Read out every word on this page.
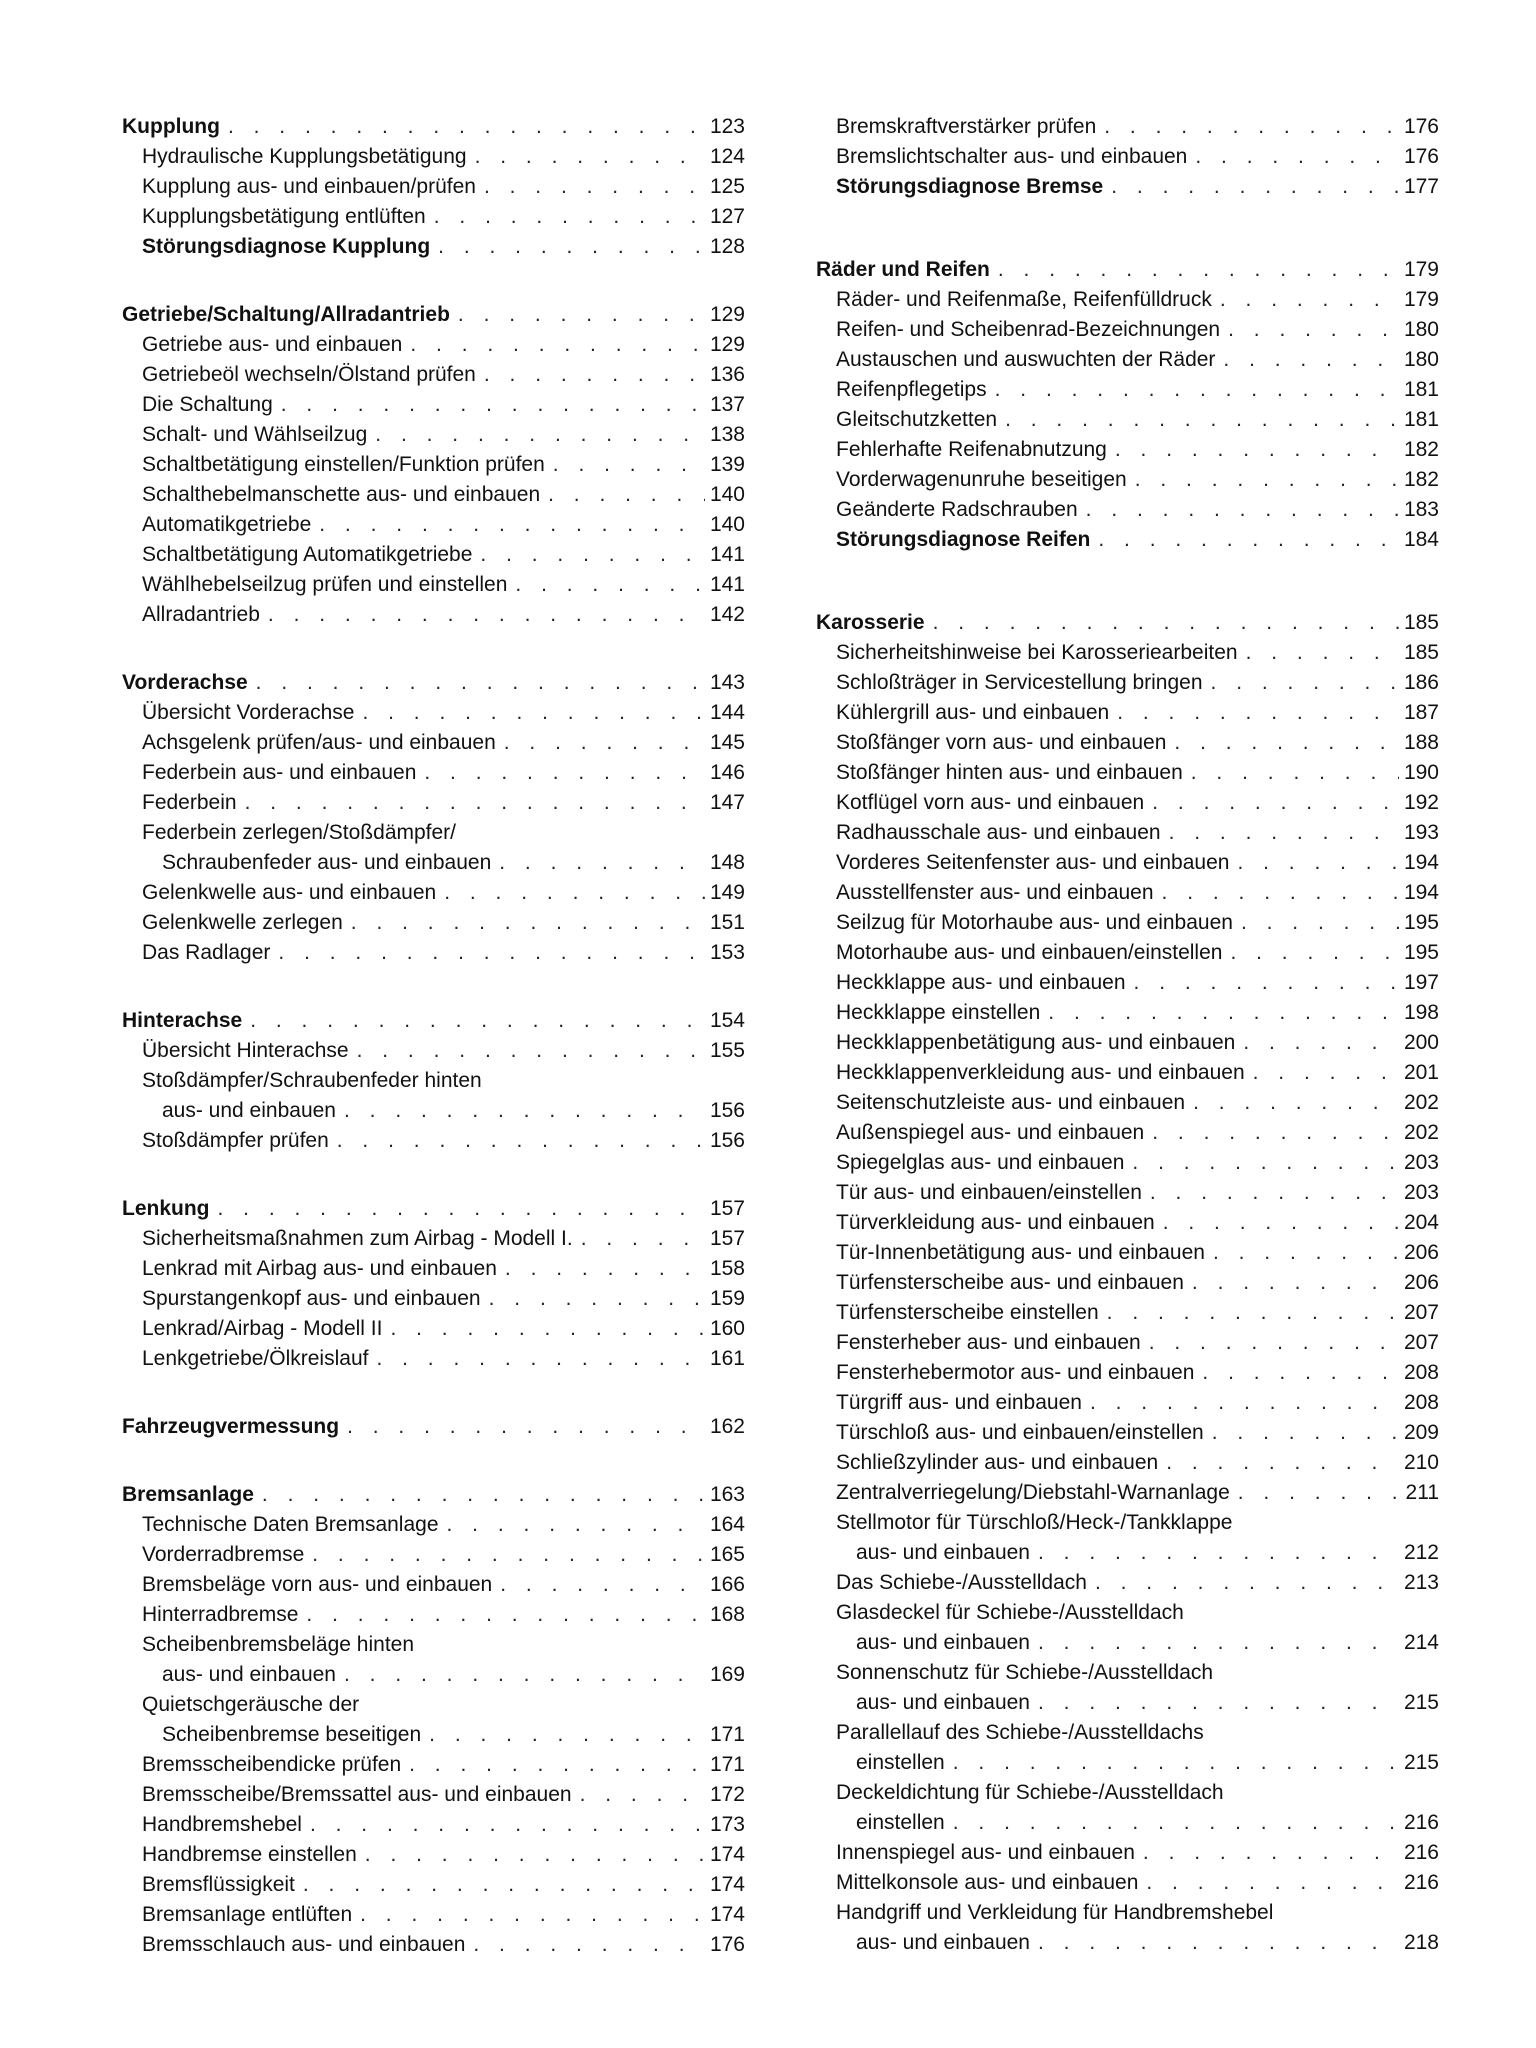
Kupplung . . .	123
Hydraulische Kupplungsbetätigung . . .	124
Kupplung aus- und einbauen/prüfen . . .	125
Kupplungsbetätigung entlüften . . .	127
Störungsdiagnose Kupplung . . .	128
Getriebe/Schaltung/Allradantrieb . . .	129
Getriebe aus- und einbauen . . .	129
Getriebeöl wechseln/Ölstand prüfen . . .	136
Die Schaltung . . .	137
Schalt- und Wählseilzug . . .	138
Schaltbetätigung einstellen/Funktion prüfen . . .	139
Schalthebelmanschette aus- und einbauen . . .	140
Automatikgetriebe . . .	140
Schaltbetätigung Automatikgetriebe . . .	141
Wählhebelseilzug prüfen und einstellen . . .	141
Allradantrieb . . .	142
Vorderachse . . .	143
Übersicht Vorderachse . . .	144
Achsgelenk prüfen/aus- und einbauen . . .	145
Federbein aus- und einbauen . . .	146
Federbein . . .	147
Federbein zerlegen/Stoßdämpfer/
Schraubenfeder aus- und einbauen . . .	148
Gelenkwelle aus- und einbauen . . .	149
Gelenkwelle zerlegen . . .	151
Das Radlager . . .	153
Hinterachse . . .	154
Übersicht Hinterachse . . .	155
Stoßdämpfer/Schraubenfeder hinten
aus- und einbauen . . .	156
Stoßdämpfer prüfen . . .	156
Lenkung . . .	157
Sicherheitsmaßnahmen zum Airbag - Modell I. . . .	157
Lenkrad mit Airbag aus- und einbauen . . .	158
Spurstangenkopf aus- und einbauen . . .	159
Lenkrad/Airbag - Modell II . . .	160
Lenkgetriebe/Ölkreislauf . . .	161
Fahrzeugvermessung . . .	162
Bremsanlage . . .	163
Technische Daten Bremsanlage . . .	164
Vorderradbremse . . .	165
Bremsbeläge vorn aus- und einbauen . . .	166
Hinterradbremse . . .	168
Scheibenbremsbeläge hinten
aus- und einbauen . . .	169
Quietschgeräusche der
Scheibenbremse beseitigen . . .	171
Bremsscheibendicke prüfen . . .	171
Bremsscheibe/Bremssattel aus- und einbauen . . .	172
Handbremshebel . . .	173
Handbremse einstellen . . .	174
Bremsflüssigkeit . . .	174
Bremsanlage entlüften . . .	174
Bremsschlauch aus- und einbauen . . .	176
Bremskraftverstärker prüfen . . .	176
Bremslichtschalter aus- und einbauen . . .	176
Störungsdiagnose Bremse . . .	177
Räder und Reifen . . .	179
Räder- und Reifenmaße, Reifenfülldruck . . .	179
Reifen- und Scheibenrad-Bezeichnungen . . .	180
Austauschen und auswuchten der Räder . . .	180
Reifenpflegetips . . .	181
Gleitschutzketten . . .	181
Fehlerhafte Reifenabnutzung . . .	182
Vorderwagenunruhe beseitigen . . .	182
Geänderte Radschrauben . . .	183
Störungsdiagnose Reifen . . .	184
Karosserie . . .	185
Sicherheitshinweise bei Karosseriearbeiten . . .	185
Schloßträger in Servicestellung bringen . . .	186
Kühlergrill aus- und einbauen . . .	187
Stoßfänger vorn aus- und einbauen . . .	188
Stoßfänger hinten aus- und einbauen . . .	190
Kotflügel vorn aus- und einbauen . . .	192
Radhausschale aus- und einbauen . . .	193
Vorderes Seitenfenster aus- und einbauen . . .	194
Ausstellfenster aus- und einbauen . . .	194
Seilzug für Motorhaube aus- und einbauen . . .	195
Motorhaube aus- und einbauen/einstellen . . .	195
Heckklappe aus- und einbauen . . .	197
Heckklappe einstellen . . .	198
Heckklappenbetätigung aus- und einbauen . . .	200
Heckklappenverkleidung aus- und einbauen . . .	201
Seitenschutzleiste aus- und einbauen . . .	202
Außenspiegel aus- und einbauen . . .	202
Spiegelglas aus- und einbauen . . .	203
Tür aus- und einbauen/einstellen . . .	203
Türverkleidung aus- und einbauen . . .	204
Tür-Innenbetätigung aus- und einbauen . . .	206
Türfensterscheibe aus- und einbauen . . .	206
Türfensterscheibe einstellen . . .	207
Fensterheber aus- und einbauen . . .	207
Fensterhebermotor aus- und einbauen . . .	208
Türgriff aus- und einbauen . . .	208
Türschloß aus- und einbauen/einstellen . . .	209
Schließzylinder aus- und einbauen . . .	210
Zentralverriegelung/Diebstahl-Warnanlage . . .	211
Stellmotor für Türschloß/Heck-/Tankklappe
aus- und einbauen . . .	212
Das Schiebe-/Ausstelldach . . .	213
Glasdeckel für Schiebe-/Ausstelldach
aus- und einbauen . . .	214
Sonnenschutz für Schiebe-/Ausstelldach
aus- und einbauen . . .	215
Parallellauf des Schiebe-/Ausstelldachs
einstellen . . .	215
Deckeldichtung für Schiebe-/Ausstelldach
einstellen . . .	216
Innenspiegel aus- und einbauen . . .	216
Mittelkonsole aus- und einbauen . . .	216
Handgriff und Verkleidung für Handbremshebel
aus- und einbauen . . .	218
